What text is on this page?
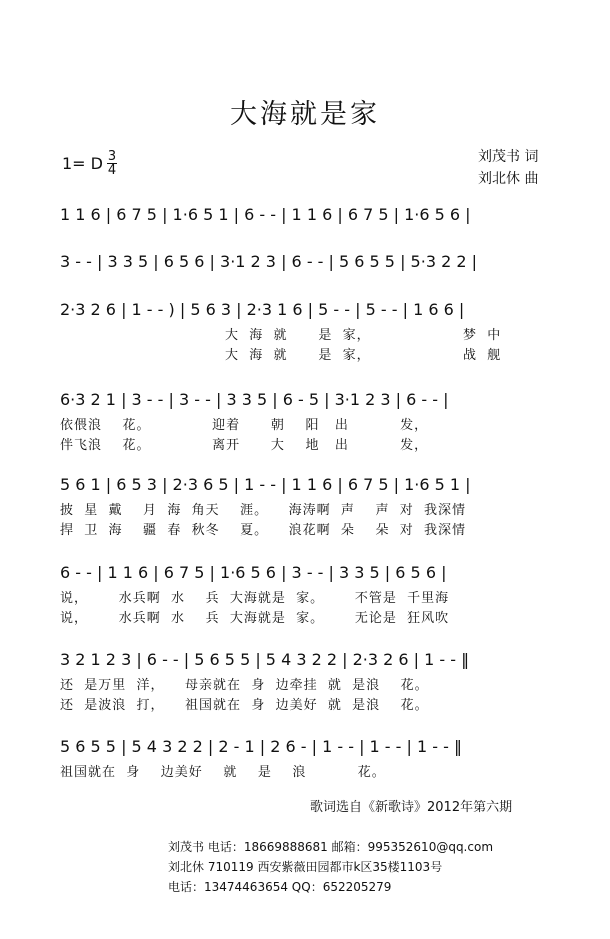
大海就是家
1= D $\frac{3}{4}$	刘茂书 词
刘北休 曲
1 1 6 | 6 7 5 | 1·6 5 1 | 6 - - | 1 1 6 | 6 7 5 | 1·6 5 6 |
3 - - | 3 3 5 | 6 5 6 | 3·1 2 3 | 6 - - | 5 6 5 5 | 5·3 2 2 |
2·3 2 6 | 1 - - ) | 5 6 3 | 2·3 1 6 | 5 - - | 5 - - | 1 6 6 |
大  海  就      是  家，                  梦  中
大  海  就      是  家，                  战  舰
6·3 2 1 | 3 - - | 3 - - | 3 3 5 | 6 - 5 | 3·1 2 3 | 6 - - |
依偎浪    花。            迎着      朝    阳   出          发，
伴飞浪    花。            离开      大    地   出          发，
5 6 1 | 6 5 3 | 2·3 6 5 | 1 - - | 1 1 6 | 6 7 5 | 1·6 5 1 |
披  星  戴    月  海  角天    涯。    海涛啊  声    声  对  我深情
捍  卫  海    疆  春  秋冬    夏。    浪花啊  朵    朵  对  我深情
6 - - | 1 1 6 | 6 7 5 | 1·6 5 6 | 3 - - | 3 3 5 | 6 5 6 |
说，      水兵啊  水    兵  大海就是  家。      不管是  千里海
说，      水兵啊  水    兵  大海就是  家。      无论是  狂风吹
3 2 1 2 3 | 6 - - | 5 6 5 5 | 5 4 3 2 2 | 2·3 2 6 | 1 - - ‖
还  是万里  洋，    母亲就在  身  边牵挂  就  是浪    花。
还  是波浪  打，    祖国就在  身  边美好  就  是浪    花。
5 6 5 5 | 5 4 3 2 2 | 2 - 1 | 2 6 - | 1 - - | 1 - - | 1 - - ‖
祖国就在  身    边美好    就    是    浪          花。
歌词选自《新歌诗》2012年第六期
刘茂书 电话：18669888681 邮箱：995352610@qq.com
刘北休 710119 西安紫薇田园都市k区35楼1103号
电话：13474463654 QQ：652205279
